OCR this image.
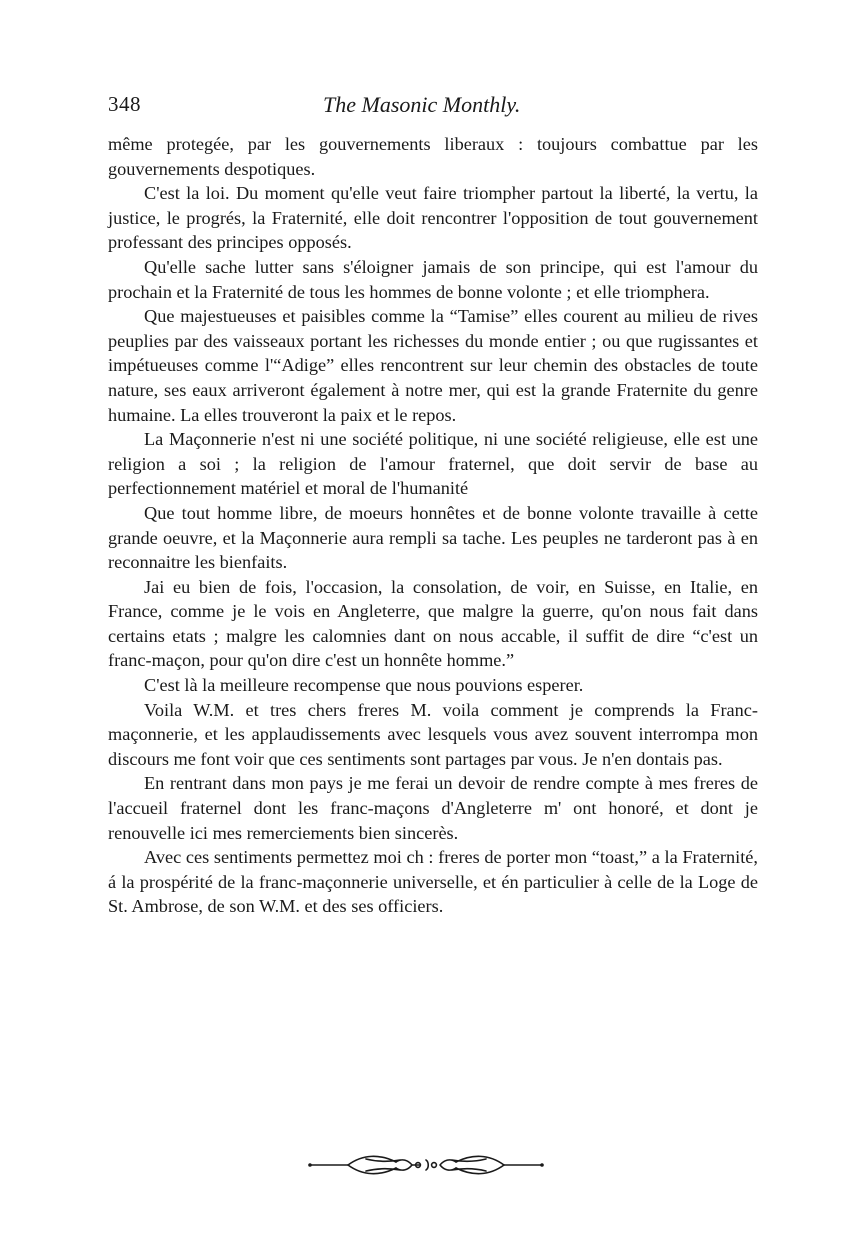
348	The Masonic Monthly.

même protegée, par les gouvernements liberaux : toujours combattue par les gouvernements despotiques.

C'est la loi. Du moment qu'elle veut faire triompher partout la liberté, la vertu, la justice, le progrés, la Fraternité, elle doit rencontrer l'opposition de tout gouvernement professant des principes opposés.

Qu'elle sache lutter sans s'éloigner jamais de son principe, qui est l'amour du prochain et la Fraternité de tous les hommes de bonne volonte ; et elle triomphera.

Que majestueuses et paisibles comme la “Tamise” elles courent au milieu de rives peuplies par des vaisseaux portant les richesses du monde entier ; ou que rugissantes et impétueuses comme l'“Adige” elles rencontrent sur leur chemin des obstacles de toute nature, ses eaux arriveront également à notre mer, qui est la grande Fraternite du genre humaine. La elles trouveront la paix et le repos.

La Maçonnerie n'est ni une société politique, ni une société religieuse, elle est une religion a soi ; la religion de l'amour fraternel, que doit servir de base au perfectionnement matériel et moral de l'humanité

Que tout homme libre, de moeurs honnêtes et de bonne volonte travaille à cette grande oeuvre, et la Maçonnerie aura rempli sa tache. Les peuples ne tarderont pas à en reconnaitre les bienfaits.

Jai eu bien de fois, l'occasion, la consolation, de voir, en Suisse, en Italie, en France, comme je le vois en Angleterre, que malgre la guerre, qu'on nous fait dans certains etats ; malgre les calomnies dant on nous accable, il suffit de dire “c'est un franc-maçon, pour qu'on dire c'est un honnête homme.”

C'est là la meilleure recompense que nous pouvions esperer.

Voila W.M. et tres chers freres M. voila comment je comprends la Franc-maçonnerie, et les applaudissements avec lesquels vous avez souvent interrompa mon discours me font voir que ces sentiments sont partages par vous. Je n'en dontais pas.

En rentrant dans mon pays je me ferai un devoir de rendre compte à mes freres de l'accueil fraternel dont les franc-maçons d'Angleterre m' ont honoré, et dont je renouvelle ici mes remerciements bien sincerès.

Avec ces sentiments permettez moi ch : freres de porter mon “toast,” a la Fraternité, á la prospérité de la franc-maçonnerie universelle, et én particulier à celle de la Loge de St. Ambrose, de son W.M. et des ses officiers.
